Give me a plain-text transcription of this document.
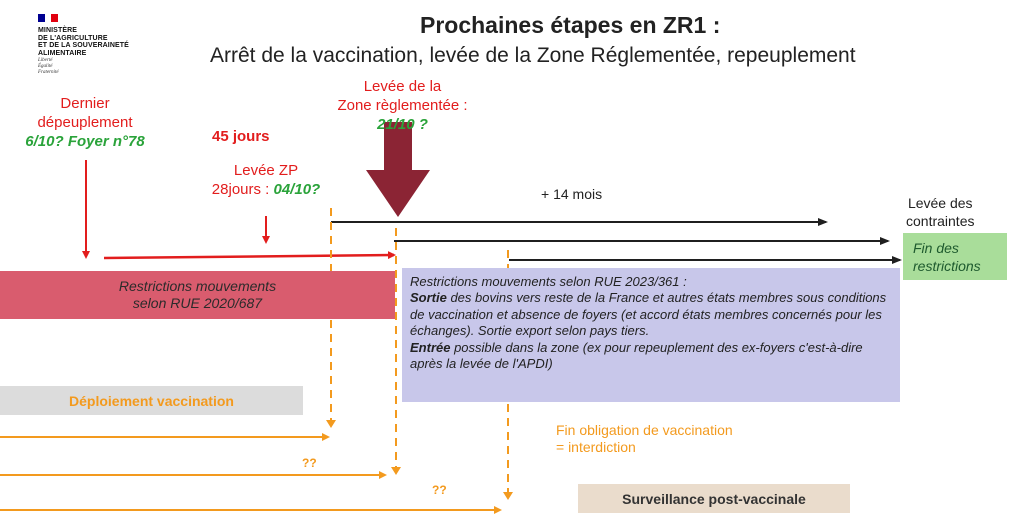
MINISTÈRE
DE L'AGRICULTURE
ET DE LA SOUVERAINETÉ
ALIMENTAIRE
Liberté
Égalité
Fraternité
Prochaines étapes en ZR1 :
Arrêt de la vaccination, levée de la Zone Réglementée, repeuplement
Dernier
dépeuplement
6/10? Foyer n°78	45 jours
Levée ZP
28jours : 04/10?
Levée de la
Zone règlementée :
21/10 ?
+ 14 mois
Levée des
contraintes
Fin des
restrictions
Restrictions mouvements
selon RUE 2020/687
Restrictions mouvements selon RUE 2023/361 :
Sortie des bovins vers reste de la France et autres états membres sous conditions de vaccination et absence de foyers (et accord états membres concernés pour les échanges). Sortie export selon pays tiers.
Entrée possible dans la zone (ex pour repeuplement des ex-foyers c'est-à-dire après la levée de l'APDI)
Déploiement vaccination
Fin obligation de vaccination
= interdiction
??
??
Surveillance post-vaccinale
